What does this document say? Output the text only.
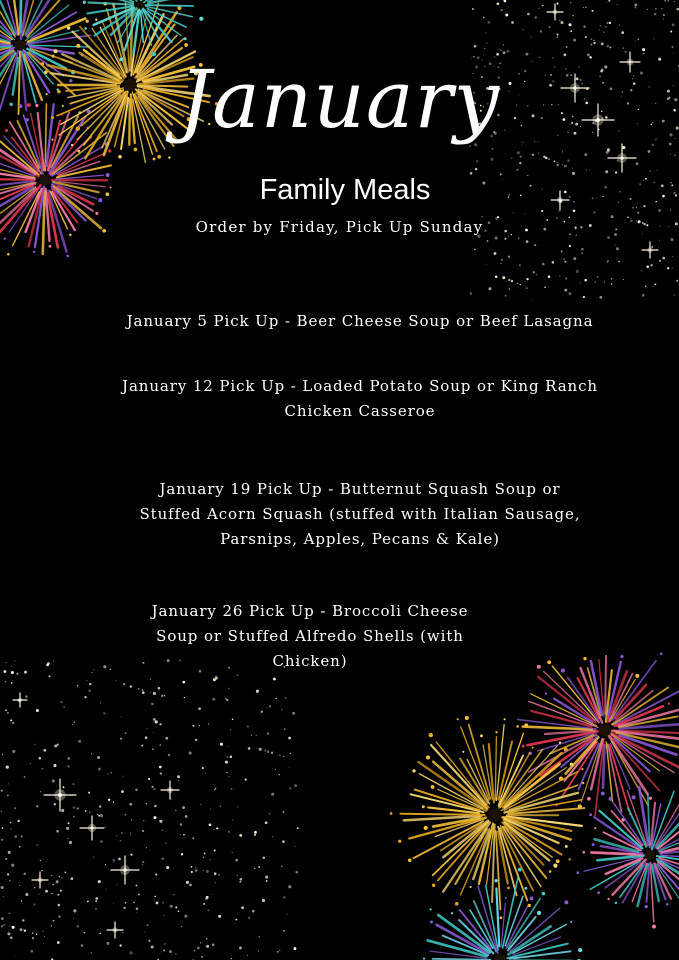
January
Family Meals
Order by Friday, Pick Up Sunday
January 5 Pick Up - Beer Cheese Soup or Beef Lasagna
January 12 Pick Up - Loaded Potato Soup or King Ranch
Chicken Casseroe
January 19 Pick Up - Butternut Squash Soup or
Stuffed Acorn Squash (stuffed with Italian Sausage,
Parsnips, Apples, Pecans & Kale)
January 26 Pick Up - Broccoli Cheese
Soup or Stuffed Alfredo Shells (with
Chicken)
